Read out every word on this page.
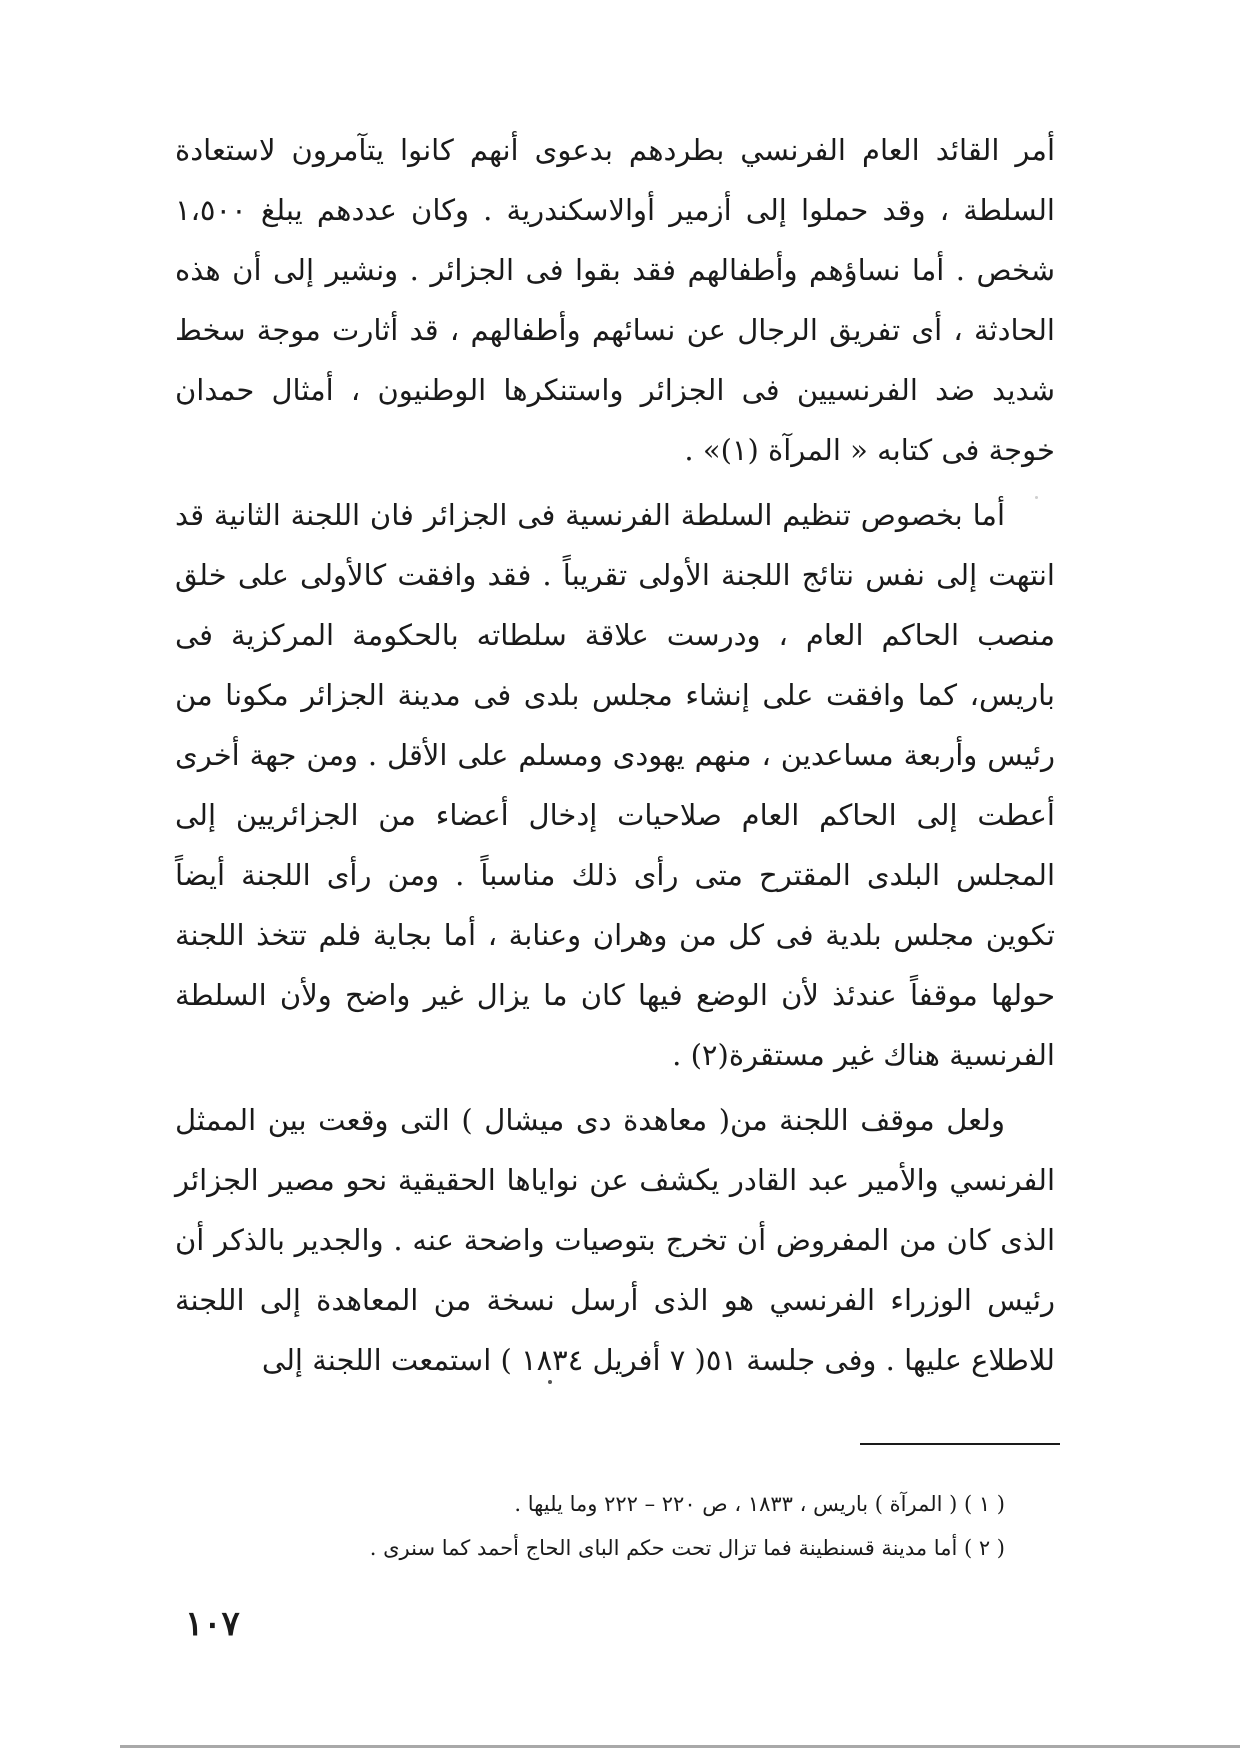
أمر القائد العام الفرنسي بطردهم بدعوى أنهم كانوا يتآمرون لاستعادة السلطة ، وقد حملوا إلى أزمير أوالاسكندرية . وكان عددهم يبلغ ١،٥٠٠ شخص . أما نساؤهم وأطفالهم فقد بقوا فى الجزائر . ونشير إلى أن هذه الحادثة ، أى تفريق الرجال عن نسائهم وأطفالهم ، قد أثارت موجة سخط شديد ضد الفرنسيين فى الجزائر واستنكرها الوطنيون ، أمثال حمدان خوجة فى كتابه « المرآة (١)» .

أما بخصوص تنظيم السلطة الفرنسية فى الجزائر فان اللجنة الثانية قد انتهت إلى نفس نتائج اللجنة الأولى تقريباً . فقد وافقت كالأولى على خلق منصب الحاكم العام ، ودرست علاقة سلطاته بالحكومة المركزية فى باريس، كما وافقت على إنشاء مجلس بلدى فى مدينة الجزائر مكونا من رئيس وأربعة مساعدين ، منهم يهودى ومسلم على الأقل . ومن جهة أخرى أعطت إلى الحاكم العام صلاحيات إدخال أعضاء من الجزائريين إلى المجلس البلدى المقترح متى رأى ذلك مناسباً . ومن رأى اللجنة أيضاً تكوين مجلس بلدية فى كل من وهران وعنابة ، أما بجاية فلم تتخذ اللجنة حولها موقفاً عندئذ لأن الوضع فيها كان ما يزال غير واضح ولأن السلطة الفرنسية هناك غير مستقرة(٢) .

ولعل موقف اللجنة من( معاهدة دى ميشال ) التى وقعت بين الممثل الفرنسي والأمير عبد القادر يكشف عن نواياها الحقيقية نحو مصير الجزائر الذى كان من المفروض أن تخرج بتوصيات واضحة عنه . والجدير بالذكر أن رئيس الوزراء الفرنسي هو الذى أرسل نسخة من المعاهدة إلى اللجنة للاطلاع عليها . وفى جلسة ٥١( ٧ أفريل ١٨٣٤ ) استمعت اللجنة إلى

( ١ ) ( المرآة ) باريس ، ١٨٣٣ ، ص ٢٢٠ – ٢٢٢ وما يليها .

( ٢ ) أما مدينة قسنطينة فما تزال تحت حكم الباى الحاج أحمد كما سنرى .

١٠٧
